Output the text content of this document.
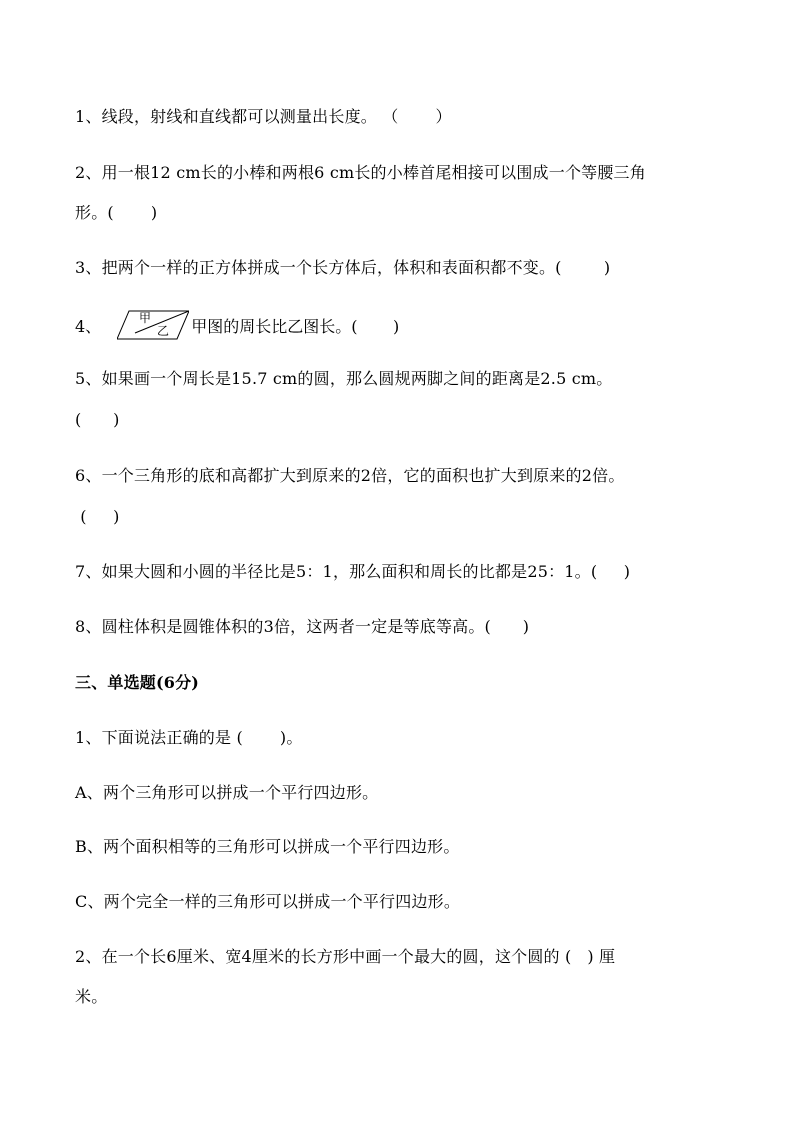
1、线段，射线和直线都可以测量出长度。 （       ）
2、用一根12 cm长的小棒和两根6 cm长的小棒首尾相接可以围成一个等腰三角
形。(       )
3、把两个一样的正方体拼成一个长方体后，体积和表面积都不变。(        )
4、	甲
乙 甲图的周长比乙图长。(       )
5、如果画一个周长是15.7 cm的圆，那么圆规两脚之间的距离是2.5 cm。
(      )
6、一个三角形的底和高都扩大到原来的2倍，它的面积也扩大到原来的2倍。
(     )
7、如果大圆和小圆的半径比是5：1，那么面积和周长的比都是25：1。(     )
8、圆柱体积是圆锥体积的3倍，这两者一定是等底等高。(      )
三、单选题(6分)
1、下面说法正确的是 (       )。
A、两个三角形可以拼成一个平行四边形。
B、两个面积相等的三角形可以拼成一个平行四边形。
C、两个完全一样的三角形可以拼成一个平行四边形。
2、在一个长6厘米、宽4厘米的长方形中画一个最大的圆，这个圆的 (   ) 厘
米。
